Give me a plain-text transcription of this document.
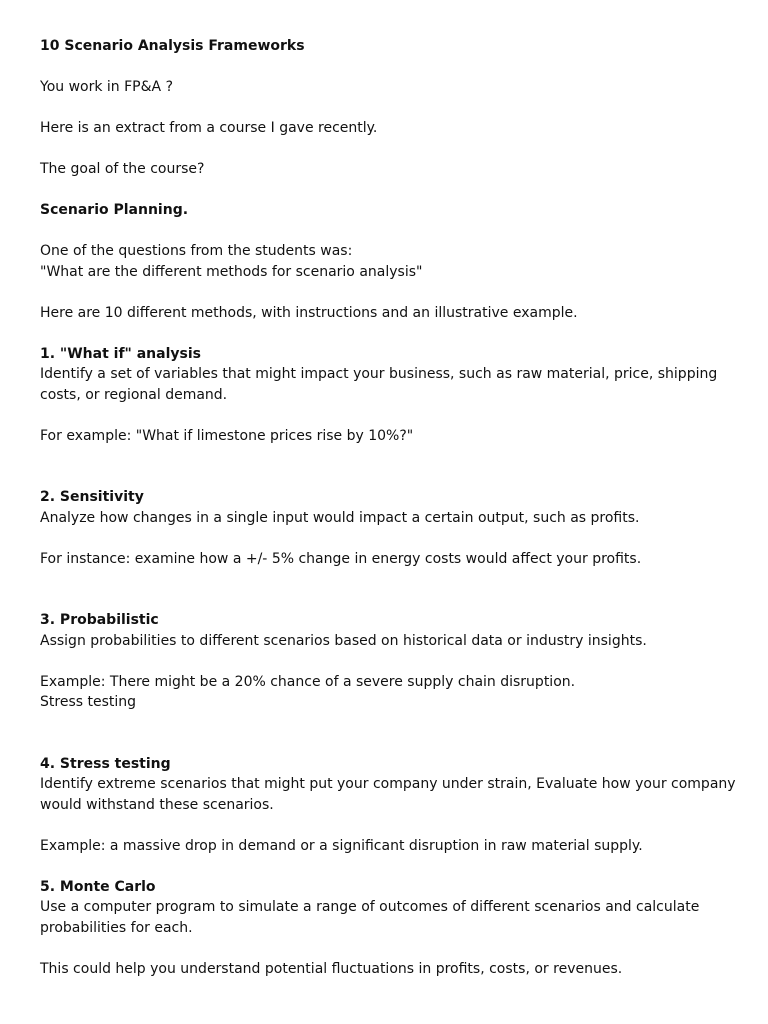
10 Scenario Analysis Frameworks

You work in FP&A ?

Here is an extract from a course I gave recently.

The goal of the course?

Scenario Planning.

One of the questions from the students was:
"What are the different methods for scenario analysis"

Here are 10 different methods, with instructions and an illustrative example.

1. "What if" analysis

Identify a set of variables that might impact your business, such as raw material, price, shipping costs, or regional demand.

For example: "What if limestone prices rise by 10%?"

2. Sensitivity

Analyze how changes in a single input would impact a certain output, such as profits.

For instance: examine how a +/- 5% change in energy costs would affect your profits.

3. Probabilistic

Assign probabilities to different scenarios based on historical data or industry insights.

Example: There might be a 20% chance of a severe supply chain disruption.
Stress testing

4. Stress testing

Identify extreme scenarios that might put your company under strain, Evaluate how your company would withstand these scenarios.

Example: a massive drop in demand or a significant disruption in raw material supply.

5. Monte Carlo

Use a computer program to simulate a range of outcomes of different scenarios and calculate probabilities for each.

This could help you understand potential fluctuations in profits, costs, or revenues.
